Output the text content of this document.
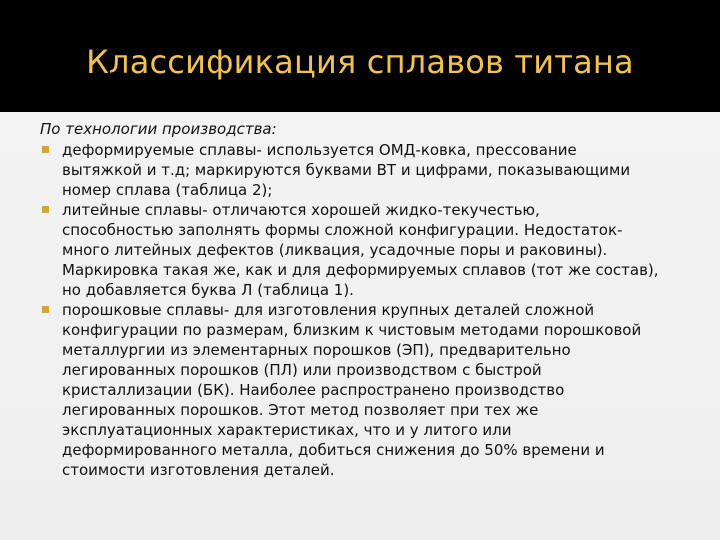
Классификация сплавов титана

По технологии производства:

деформируемые сплавы- используется ОМД-ковка, прессование
вытяжкой и т.д; маркируются буквами ВТ и цифрами, показывающими
номер сплава (таблица 2);
литейные сплавы- отличаются хорошей жидко-текучестью,
способностью заполнять формы сложной конфигурации. Недостаток-
много литейных дефектов (ликвация, усадочные поры и раковины).
Маркировка такая же, как и для деформируемых сплавов (тот же состав),
но добавляется буква Л (таблица 1).
порошковые сплавы- для изготовления крупных деталей сложной
конфигурации по размерам, близким к чистовым методами порошковой
металлургии из элементарных порошков (ЭП), предварительно
легированных порошков (ПЛ) или производством с быстрой
кристаллизации (БК). Наиболее распространено производство
легированных порошков. Этот метод позволяет при тех же
эксплуатационных характеристиках, что и у литого или
деформированного металла, добиться снижения до 50% времени и
стоимости изготовления деталей.
